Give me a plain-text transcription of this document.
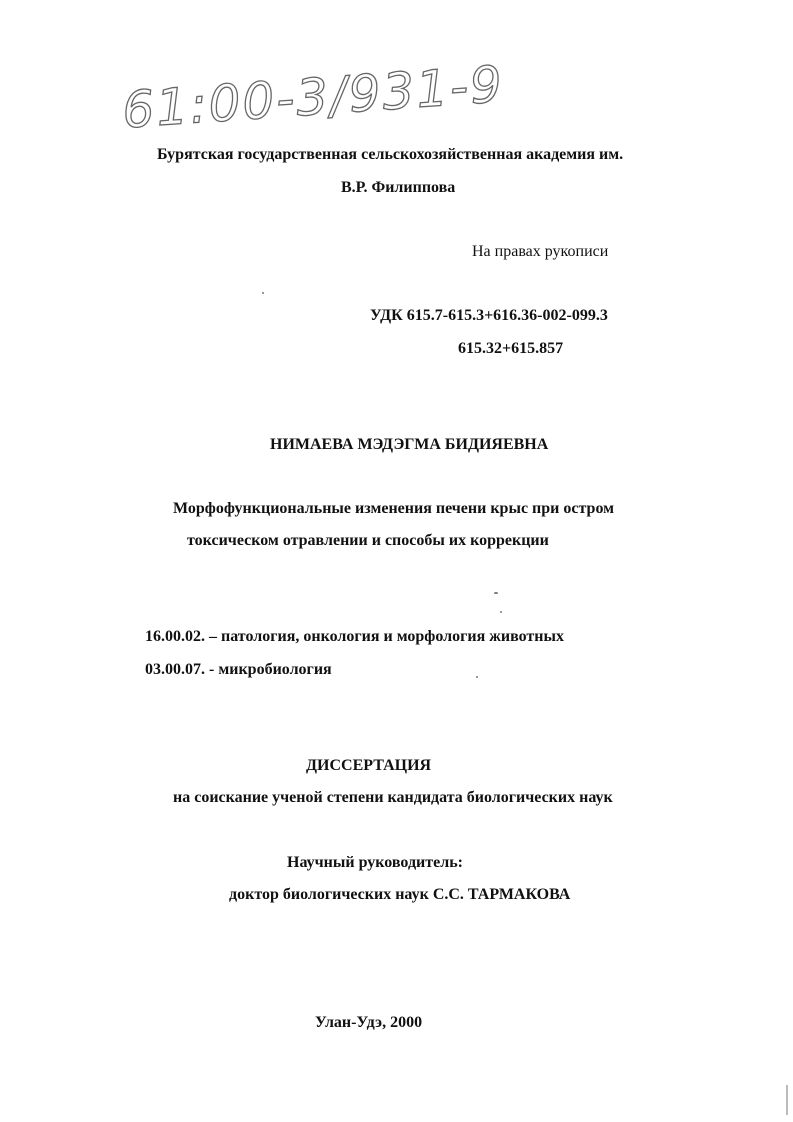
61:00-3/931-9
Бурятская государственная сельскохозяйственная академия им.
В.Р. Филиппова
На правах рукописи
УДК 615.7-615.3+616.36-002-099.3
615.32+615.857
НИМАЕВА МЭДЭГМА БИДИЯЕВНА
Морфофункциональные изменения печени крыс при остром
токсическом отравлении и способы их коррекции
16.00.02. – патология, онкология и морфология животных
03.00.07. - микробиология
ДИССЕРТАЦИЯ
на соискание ученой степени кандидата биологических наук
Научный руководитель:
доктор биологических наук С.С. ТАРМАКОВА
Улан-Удэ, 2000
